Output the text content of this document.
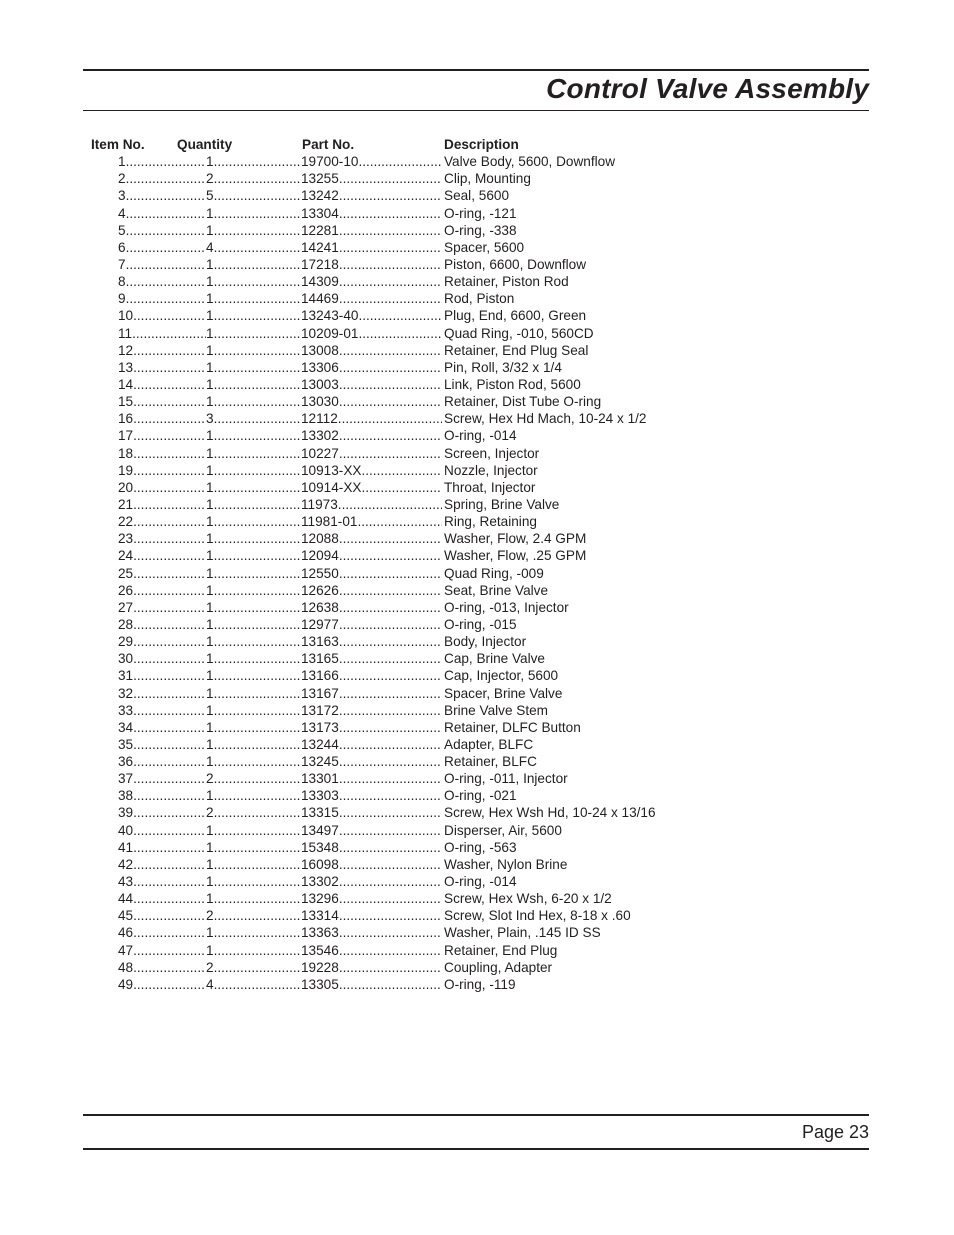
Control Valve Assembly
Item No.	Quantity	Part No.	Description
1 .....	1 .....	19700-10 .....	Valve Body, 5600, Downflow
2 .....	2 .....	13255 .....	Clip, Mounting
3 .....	5 .....	13242 .....	Seal, 5600
4 .....	1 .....	13304 .....	O-ring, -121
5 .....	1 .....	12281 .....	O-ring, -338
6 .....	4 .....	14241 .....	Spacer, 5600
7 .....	1 .....	17218 .....	Piston, 6600, Downflow
8 .....	1 .....	14309 .....	Retainer, Piston Rod
9 .....	1 .....	14469 .....	Rod, Piston
10 .....	1 .....	13243-40 .....	Plug, End, 6600, Green
11 .....	1 .....	10209-01 .....	Quad Ring, -010, 560CD
12 .....	1 .....	13008 .....	Retainer, End Plug Seal
13 .....	1 .....	13306 .....	Pin, Roll, 3/32 x 1/4
14 .....	1 .....	13003 .....	Link, Piston Rod, 5600
15 .....	1 .....	13030 .....	Retainer, Dist Tube O-ring
16 .....	3 .....	12112 .....	Screw, Hex Hd Mach, 10-24 x 1/2
17 .....	1 .....	13302 .....	O-ring, -014
18 .....	1 .....	10227 .....	Screen, Injector
19 .....	1 .....	10913-XX .....	Nozzle, Injector
20 .....	1 .....	10914-XX .....	Throat, Injector
21 .....	1 .....	11973 .....	Spring, Brine Valve
22 .....	1 .....	11981-01 .....	Ring, Retaining
23 .....	1 .....	12088 .....	Washer, Flow, 2.4 GPM
24 .....	1 .....	12094 .....	Washer, Flow, .25 GPM
25 .....	1 .....	12550 .....	Quad Ring, -009
26 .....	1 .....	12626 .....	Seat, Brine Valve
27 .....	1 .....	12638 .....	O-ring, -013, Injector
28 .....	1 .....	12977 .....	O-ring, -015
29 .....	1 .....	13163 .....	Body, Injector
30 .....	1 .....	13165 .....	Cap, Brine Valve
31 .....	1 .....	13166 .....	Cap, Injector, 5600
32 .....	1 .....	13167 .....	Spacer, Brine Valve
33 .....	1 .....	13172 .....	Brine Valve Stem
34 .....	1 .....	13173 .....	Retainer, DLFC Button
35 .....	1 .....	13244 .....	Adapter, BLFC
36 .....	1 .....	13245 .....	Retainer, BLFC
37 .....	2 .....	13301 .....	O-ring, -011, Injector
38 .....	1 .....	13303 .....	O-ring, -021
39 .....	2 .....	13315 .....	Screw, Hex Wsh Hd, 10-24 x 13/16
40 .....	1 .....	13497 .....	Disperser, Air, 5600
41 .....	1 .....	15348 .....	O-ring, -563
42 .....	1 .....	16098 .....	Washer, Nylon Brine
43 .....	1 .....	13302 .....	O-ring, -014
44 .....	1 .....	13296 .....	Screw, Hex Wsh, 6-20 x 1/2
45 .....	2 .....	13314 .....	Screw, Slot Ind Hex, 8-18 x .60
46 .....	1 .....	13363 .....	Washer, Plain, .145 ID SS
47 .....	1 .....	13546 .....	Retainer, End Plug
48 .....	2 .....	19228 .....	Coupling, Adapter
49 .....	4 .....	13305 .....	O-ring, -119

Page 23
